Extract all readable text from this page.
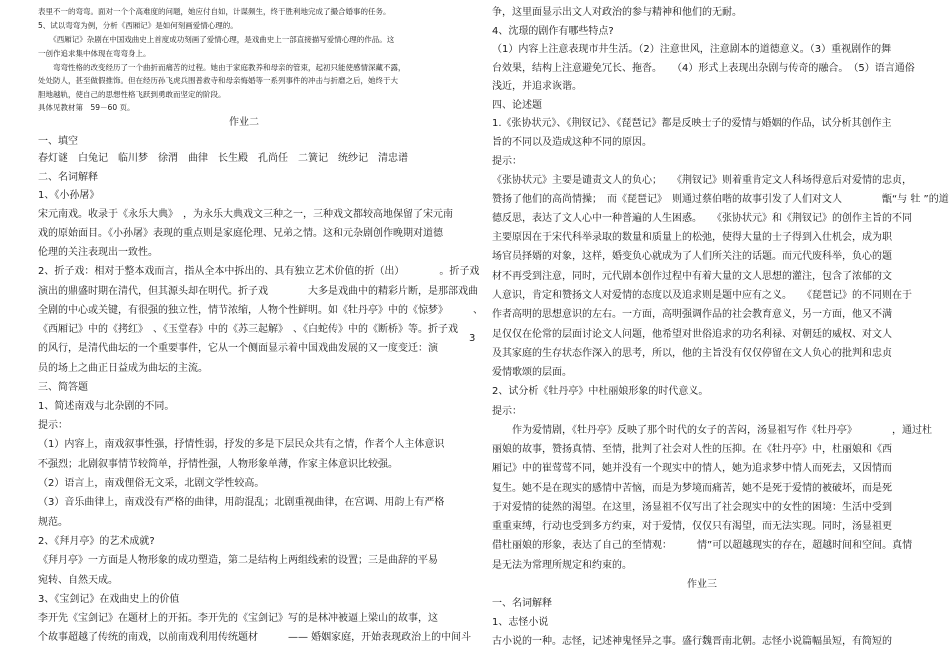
表里不一的弯弯。面对一个个高难度的问题，她应付自如，计谋频生，终于胜利地完成了撮合婚事的任务。
5、试以弯弯为例，分析《西厢记》是如何刻画爱情心理的。
　　《西厢记》杂剧在中国戏曲史上首度成功刻画了爱情心理，是戏曲史上一部直接描写爱情心理的作品。这
一创作追求集中体现在弯弯身上。
　　弯弯性格的改变经历了一个曲折而痛苦的过程。她由于家庭教养和母亲的管束，起初只能使感情深藏不露，
处处防人，甚至做假推饰。但在经历孙飞虎兵围普救寺和母亲悔婚等一系列事件的冲击与折磨之后，她终于大
胆地越轨，使自己的思想性格飞跃到勇敢而坚定的阶段。
具体见教材第　59－60 页。
作业二
一、填空
春灯谜　白兔记　临川梦　徐渭　曲律　长生殿　孔尚任　二簧记　统纱记　清忠谱
二、名词解释
1、《小孙屠》
宋元南戏。收录于《永乐大典》　，为永乐大典戏文三种之一，三种戏文都较高地保留了宋元南
戏的原始面目。《小孙屠》表现的重点则是家庭伦理、兄弟之情。这和元杂剧创作晚期对道德
伦理的关注表现出一致性。
2、折子戏：相对于整本戏而言，指从全本中拆出的、具有独立艺术价值的折（出）　　　　。折子戏
演出的鼎盛时期在清代，但其源头却在明代。折子戏　　　　大多是戏曲中的精彩片断，是那部戏曲
全剧的中心或关键，有很强的独立性，情节浓缩，人物个性鲜明。如《牡丹亭》中的《惊梦》　　　、
《西厢记》中的《拷红》　、《玉堂春》中的《苏三起解》　、《白蛇传》中的《断桥》等。折子戏
的风行，是清代曲坛的一个重要事件，它从一个侧面显示着中国戏曲发展的又一度变迁：演
员的场上之曲正日益成为曲坛的主流。
三、简答题
1、简述南戏与北杂剧的不同。
提示：
（1）内容上，南戏叙事性强，抒情性弱，抒发的多是下层民众共有之情，作者个人主体意识
不强烈；北剧叙事情节较简单，抒情性强，人物形象单薄，作家主体意识比较强。
（2）语言上，南戏俚俗无文采，北剧文学性较高。
（3）音乐曲律上，南戏没有严格的曲律，用韵混乱；北剧重视曲律，在宫调、用韵上有严格
规范。
2、《拜月亭》的艺术成就?
《拜月亭》一方面是人物形象的成功塑造，第二是结构上两组线索的设置；三是曲辞的平易
宛转、自然天成。
3、《宝剑记》在戏曲史上的价值
李开先《宝剑记》在题材上的开拓。李开先的《宝剑记》写的是林冲被逼上梁山的故事，这
个故事超越了传统的南戏，以前南戏利用传统题材　　　—— 婚姻家庭，开始表现政治上的中间斗
3
争，这里面显示出文人对政治的参与精神和他们的无耐。
4、沈璟的剧作有哪些特点?
（1）内容上注意表现市井生活。（2）注意世风，注意剧本的道德意义。（3）重视剧作的舞
台效果，结构上注意避免冗长、拖沓。　　（4）形式上表现出杂剧与传奇的融合。　（5）语言通俗
浅近，并追求诙谐。
四、论述题
1.《张协状元》、《荆钗记》、《琵琶记》都是反映士子的爱情与婚姻的作品，试分析其创作主
旨的不同以及造成这种不同的原因。
提示：
《张协状元》主要是谴责文人的负心；　　《荆钗记》则着重肯定文人科场得意后对爱情的忠贞，
赞扬了他们的高尚情操；　而《琵琶记》　则通过蔡伯喈的故事引发了人们对文人　　　　甑“与 牡 ”的道
德反思，表达了文人心中一种普遍的人生困惑。　　《张协状元》和《荆钗记》的创作主旨的不同
主要原因在于宋代科举录取的数量和质量上的松弛，使得大量的士子得到入仕机会，成为职
场官员择婿的对象，这样，婚变负心就成为了人们所关注的话题。而元代废科举，负心的题
材不再受到注意，同时，元代剧本创作过程中有着大量的文人思想的灌注，包含了浓郁的文
人意识，肯定和赞扬文人对爱情的态度以及追求则是题中应有之义。　　《琵琶记》的不同则在于
作者高明的思想意识的左右。一方面，高明强调作品的社会教育意义，另一方面，他又不满
足仅仅在伦常的层面讨论文人问题，他希望对世俗追求的功名利禄、对朝廷的威权、对文人
及其家庭的生存状态作深入的思考，所以，他的主旨没有仅仅停留在文人负心的批判和忠贞
爱情歌颂的层面。
2、试分析《牡丹亭》中杜丽娘形象的时代意义。
提示：
　　作为爱情剧，《牡丹亭》反映了那个时代的女子的苦闷，汤显祖写作《牡丹亭》　　　　，通过杜
丽娘的故事，赞扬真情、至情，批判了社会对人性的压抑。在《牡丹亭》中，杜丽娘和《西
厢记》中的崔莺莺不同，她并没有一个现实中的情人，她为追求梦中情人而死去，又因情而
复生。她不是在现实的感情中苦恼，而是为梦境而痛苦，她不是死于爱情的被破坏，而是死
于对爱情的徒然的渴望。在这里，汤显祖不仅写出了社会现实中的女性的困境：生活中受到
重重束缚，行动也受到多方约束，对于爱情，仅仅只有渴望，而无法实现。同时，汤显祖更
借杜丽娘的形象，表达了自己的至情观：　　　情”可以超越现实的存在，超越时间和空间。真情
是无法为常理所规定和约束的。
作业三
一、名词解释
1、志怪小说
古小说的一种。志怪，记述神鬼怪异之事。盛行魏晋南北朝。志怪小说篇幅虽短，有简短的
